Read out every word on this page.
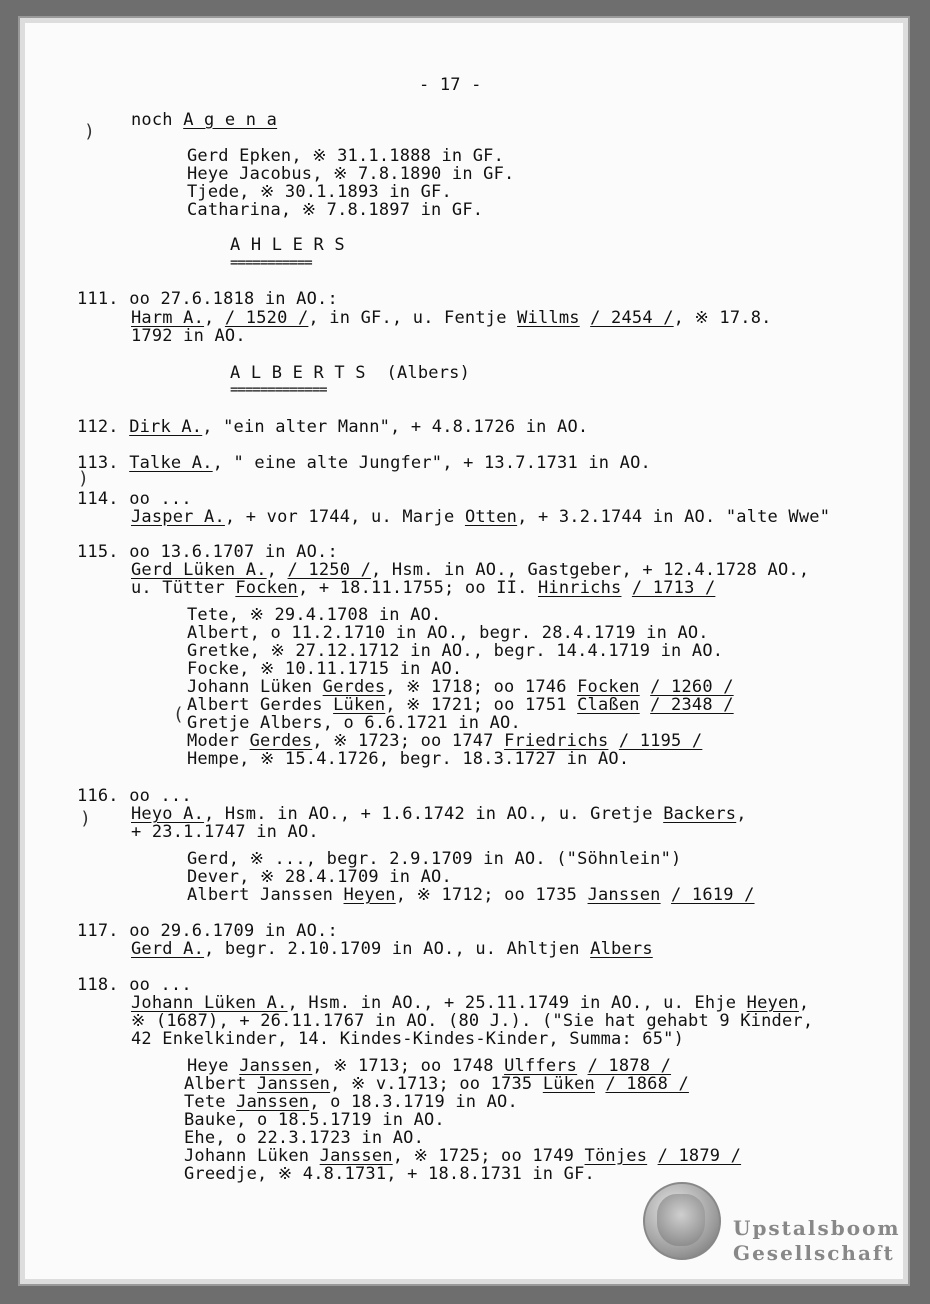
- 17 -
noch A g e n a
)
Gerd Epken, ※ 31.1.1888 in GF.
Heye Jacobus, ※ 7.8.1890 in GF.
Tjede, ※ 30.1.1893 in GF.
Catharina, ※ 7.8.1897 in GF.
A H L E R S
===========
111. oo 27.6.1818 in AO.:
Harm A., / 1520 /, in GF., u. Fentje Willms / 2454 /, ※ 17.8.
1792 in AO.
A L B E R T S  (Albers)
=============
112. Dirk A., "ein alter Mann", + 4.8.1726 in AO.
113. Talke A., " eine alte Jungfer", + 13.7.1731 in AO.
)
114. oo ...
Jasper A., + vor 1744, u. Marje Otten, + 3.2.1744 in AO. "alte Wwe"
115. oo 13.6.1707 in AO.:
Gerd Lüken A., / 1250 /, Hsm. in AO., Gastgeber, + 12.4.1728 AO.,
u. Tütter Focken, + 18.11.1755; oo II. Hinrichs / 1713 /
Tete, ※ 29.4.1708 in AO.
Albert, o 11.2.1710 in AO., begr. 28.4.1719 in AO.
Gretke, ※ 27.12.1712 in AO., begr. 14.4.1719 in AO.
Focke, ※ 10.11.1715 in AO.
Johann Lüken Gerdes, ※ 1718; oo 1746 Focken / 1260 /
Albert Gerdes Lüken, ※ 1721; oo 1751 Claßen / 2348 /
( Gretje Albers, o 6.6.1721 in AO.
Moder Gerdes, ※ 1723; oo 1747 Friedrichs / 1195 /
Hempe, ※ 15.4.1726, begr. 18.3.1727 in AO.
116. oo ...
) Heyo A., Hsm. in AO., + 1.6.1742 in AO., u. Gretje Backers,
+ 23.1.1747 in AO.
Gerd, ※ ..., begr. 2.9.1709 in AO. ("Söhnlein")
Dever, ※ 28.4.1709 in AO.
Albert Janssen Heyen, ※ 1712; oo 1735 Janssen / 1619 /
117. oo 29.6.1709 in AO.:
Gerd A., begr. 2.10.1709 in AO., u. Ahltjen Albers
118. oo ...
Johann Lüken A., Hsm. in AO., + 25.11.1749 in AO., u. Ehje Heyen,
※ (1687), + 26.11.1767 in AO. (80 J.). ("Sie hat gehabt 9 Kinder,
42 Enkelkinder, 14. Kindes-Kindes-Kinder, Summa: 65")
Heye Janssen, ※ 1713; oo 1748 Ulffers / 1878 /
Albert Janssen, ※ v.1713; oo 1735 Lüken / 1868 /
Tete Janssen, o 18.3.1719 in AO.
Bauke, o 18.5.1719 in AO.
Ehe, o 22.3.1723 in AO.
Johann Lüken Janssen, ※ 1725; oo 1749 Tönjes / 1879 /
Greedje, ※ 4.8.1731, + 18.8.1731 in GF.
Upstalsboom
Gesellschaft
